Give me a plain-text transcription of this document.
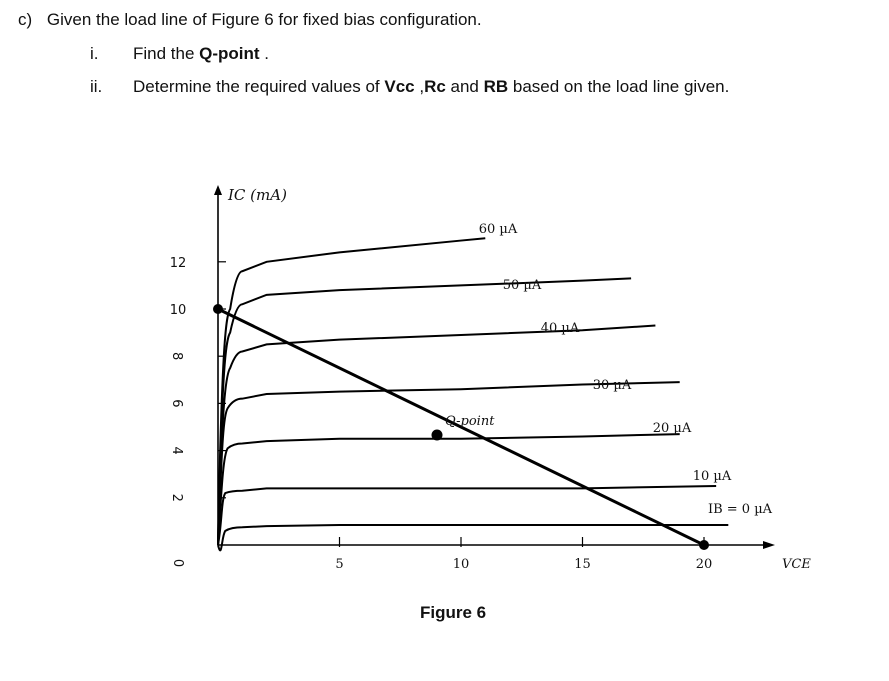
c) Given the load line of Figure 6 for fixed bias configuration.
i. Find the Q-point .
ii. Determine the required values of Vcc ,Rc and RB based on the load line given.
2
4
6
8
10
12
0	5	10	15	20
IC (mA)
VCE
60 µA
50 µA
40 µA
30 µA
20 µA
10 µA
IB = 0 µA
Q-point
Figure 6
